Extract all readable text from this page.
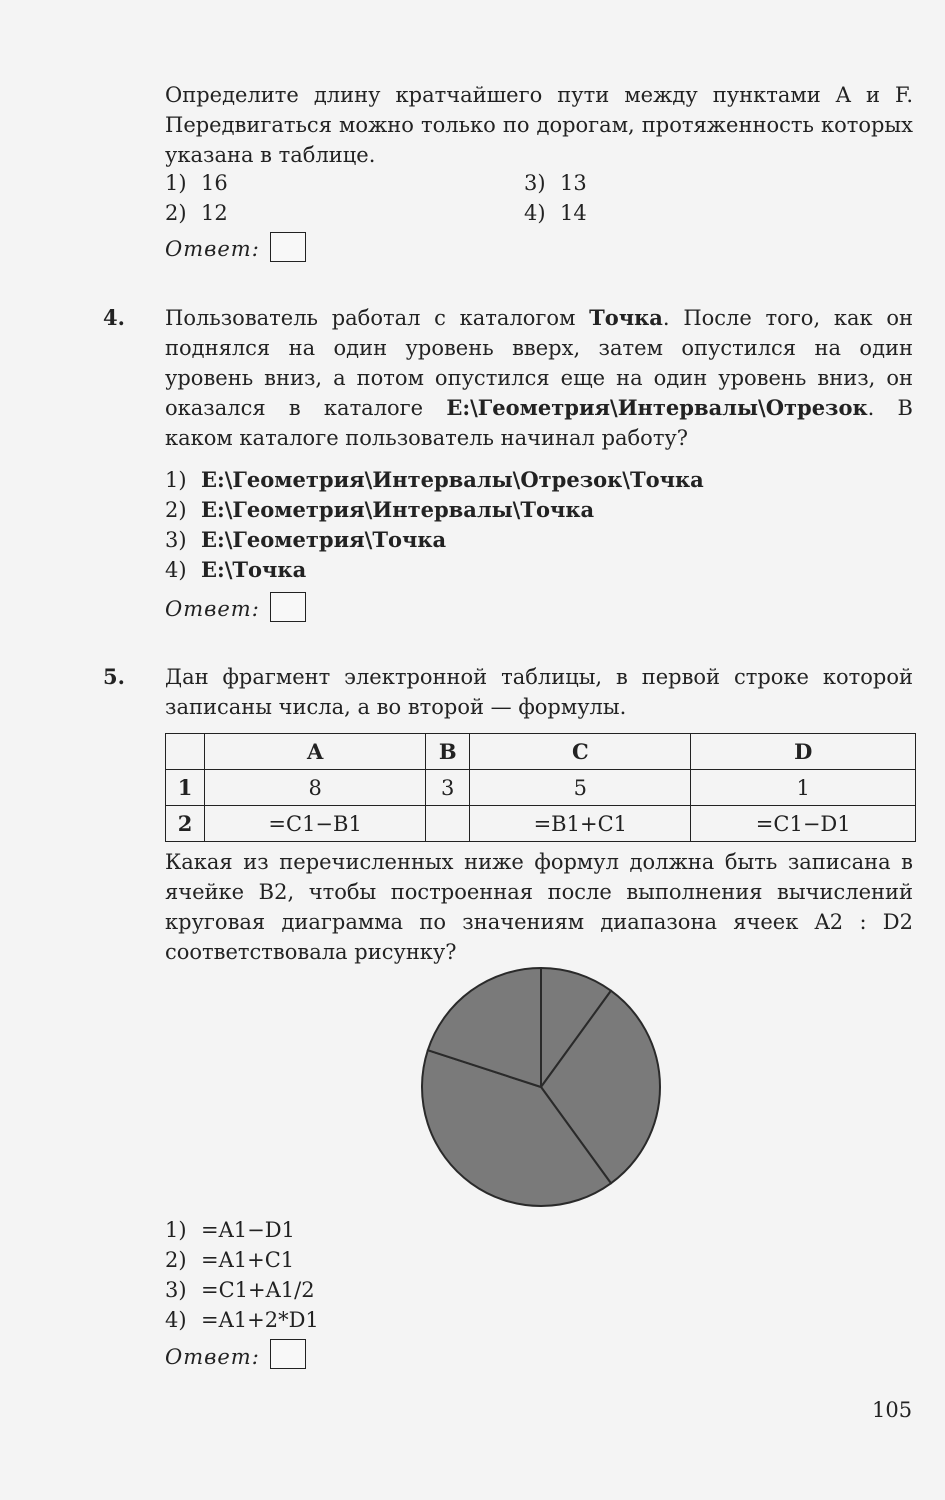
Определите длину кратчайшего пути между пунктами A и F. Передвигаться можно только по дорогам, протяженность которых указана в таблице.

1) 16
2) 12
3) 13
4) 14
Ответ:
4. Пользователь работал с каталогом Точка. После того, как он поднялся на один уровень вверх, затем опустился на один уровень вниз, а потом опустился еще на один уровень вниз, он оказался в каталоге E:\Геометрия\Интервалы\Отрезок. В каком каталоге пользователь начинал работу?

1) E:\Геометрия\Интервалы\Отрезок\Точка
2) E:\Геометрия\Интервалы\Точка
3) E:\Геометрия\Точка
4) E:\Точка
Ответ:
5. Дан фрагмент электронной таблицы, в первой строке которой записаны числа, а во второй — формулы.

	A	B	C	D
1	8	3	5	1
2	=C1−B1		=B1+C1	=C1−D1

Какая из перечисленных ниже формул должна быть записана в ячейке B2, чтобы построенная после выполнения вычислений круговая диаграмма по значениям диапазона ячеек A2 : D2 соответствовала рисунку?

1) =A1−D1
2) =A1+C1
3) =C1+A1/2
4) =A1+2*D1
Ответ:
105
